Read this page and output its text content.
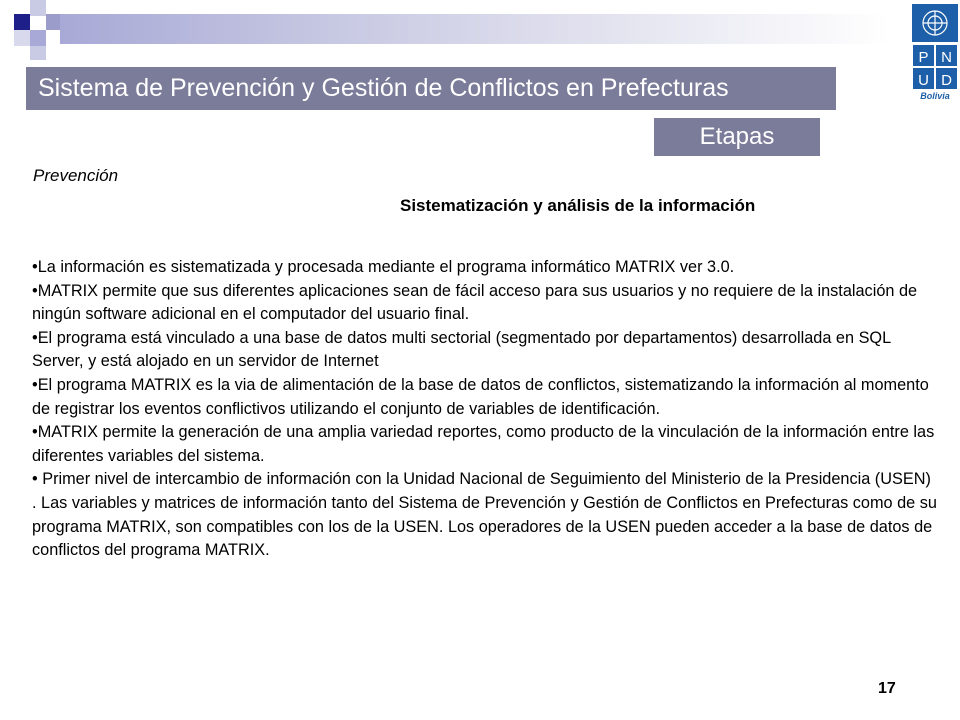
Sistema de Prevención y Gestión de Conflictos en Prefecturas
Etapas
P N
U D
Bolivia
Prevención
Sistematización y análisis de la información

•La información es sistematizada y procesada mediante el programa informático MATRIX ver 3.0.

•MATRIX permite que sus diferentes aplicaciones sean de fácil acceso para sus usuarios y no requiere de la instalación de ningún software adicional en el computador del usuario final.

•El programa está vinculado a una base de datos multi sectorial (segmentado por departamentos) desarrollada en SQL Server, y está alojado en un servidor de Internet

•El programa MATRIX es la via de alimentación de la base de datos de conflictos, sistematizando la información al momento de registrar los eventos conflictivos utilizando el conjunto de variables de identificación.

•MATRIX permite la generación de una amplia variedad reportes, como producto de la vinculación de la información entre las diferentes variables del sistema.

• Primer nivel de intercambio de información con la Unidad Nacional de Seguimiento del Ministerio de la Presidencia (USEN) . Las variables y matrices de información tanto del Sistema de Prevención y Gestión de Conflictos en Prefecturas como de su programa MATRIX, son compatibles con los de la USEN. Los operadores de la USEN pueden acceder a la base de datos de conflictos del programa MATRIX.

17
